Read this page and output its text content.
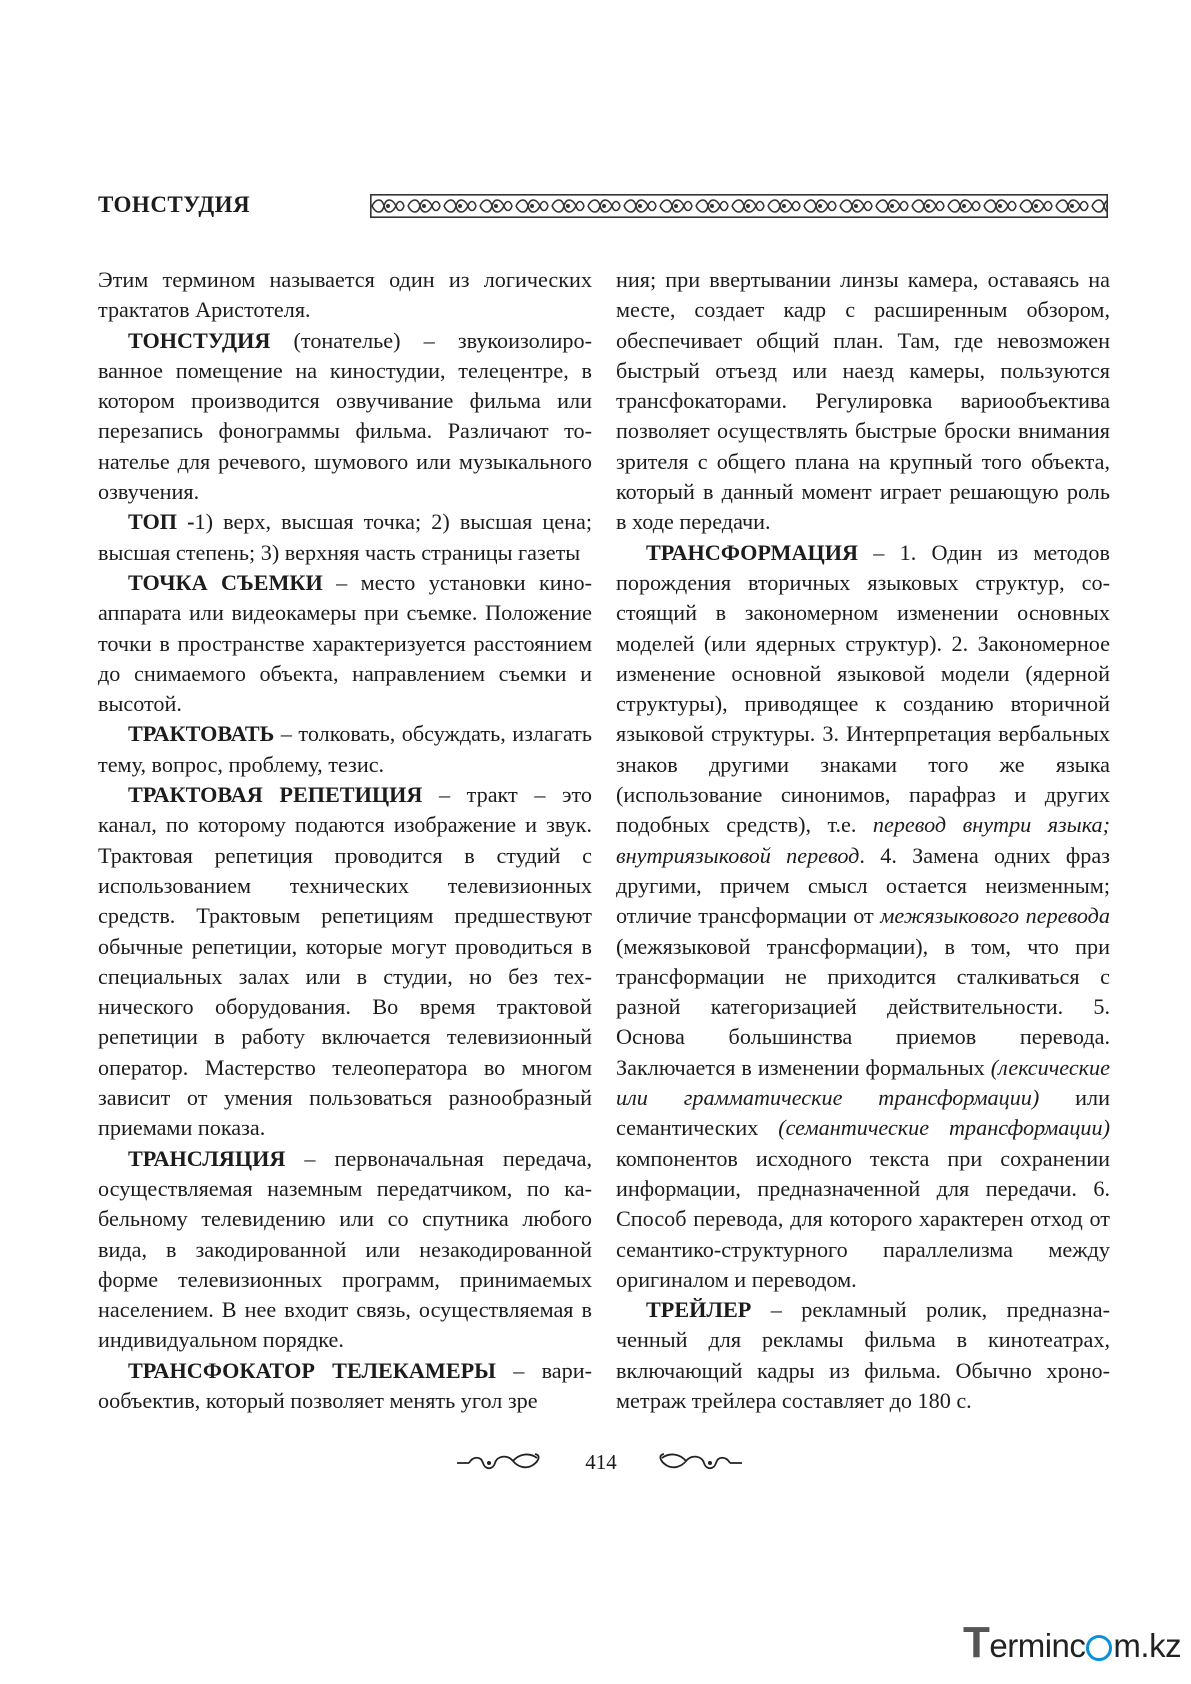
ТОНСТУДИЯ

Этим термином называется один из логических трактатов Аристотеля.

ТОНСТУДИЯ (тонателье) – звукоизолированное помещение на киностудии, телецентре, в котором производится озвучивание фильма или перезапись фонограммы фильма. Различают тонателье для речевого, шумового или музыкального озвучения.

ТОП -1) верх, высшая точка; 2) высшая цена; высшая степень; 3) верхняя часть страницы газеты

ТОЧКА СЪЕМКИ – место установки киноаппарата или видеокамеры при съемке. Положение точки в пространстве характеризуется расстоянием до снимаемого объекта, направлением съемки и высотой.

ТРАКТОВАТЬ – толковать, обсуждать, излагать тему, вопрос, проблему, тезис.

ТРАКТОВАЯ РЕПЕТИЦИЯ – тракт – это канал, по которому подаются изображение и звук. Трактовая репетиция проводится в студий с использованием технических телевизионных средств. Трактовым репетициям предшествуют обычные репетиции, которые могут проводиться в специальных залах или в студии, но без технического оборудования. Во время трактовой репетиции в работу включается телевизионный оператор. Мастерство телеоператора во многом зависит от умения пользоваться разнообразный приемами показа.

ТРАНСЛЯЦИЯ – первоначальная передача, осуществляемая наземным передатчиком, по кабельному телевидению или со спутника любого вида, в закодированной или незакодированной форме телевизионных программ, принимаемых населением. В нее входит связь, осуществляемая в индивидуальном порядке.

ТРАНСФОКАТОР ТЕЛЕКАМЕРЫ – вариообъектив, который позволяет менять угол зре

ния; при ввертывании линзы камера, оставаясь на месте, создает кадр с расширенным обзором, обеспечивает общий план. Там, где невозможен быстрый отъезд или наезд камеры, пользуются трансфокаторами. Регулировка вариообъектива позволяет осуществлять быстрые броски внимания зрителя с общего плана на крупный того объекта, который в данный момент играет решающую роль в ходе передачи.

ТРАНСФОРМАЦИЯ – 1. Один из методов порождения вторичных языковых структур, состоящий в закономерном изменении основных моделей (или ядерных структур). 2. Закономерное изменение основной языковой модели (ядерной структуры), приводящее к созданию вторичной языковой структуры. 3. Интерпретация вербальных знаков другими знаками того же языка (использование синонимов, парафраз и других подобных средств), т.е. перевод внутри языка; внутриязыковой перевод. 4. Замена одних фраз другими, причем смысл остается неизменным; отличие трансформации от межязыкового перевода (межязыковой трансформации), в том, что при трансформации не приходится сталкиваться с разной категоризацией действительности. 5. Основа большинства приемов перевода. Заключается в изменении формальных (лексические или грамматические трансформации) или семантических (семантические трансформации) компонентов исходного текста при сохранении информации, предназначенной для передачи. 6. Способ перевода, для которого характерен отход от семантико-структурного параллелизма между оригиналом и переводом.

ТРЕЙЛЕР – рекламный ролик, предназначенный для рекламы фильма в кинотеатрах, включающий кадры из фильма. Обычно хронометраж трейлера составляет до 180 с.

414
Terminc m.kz
